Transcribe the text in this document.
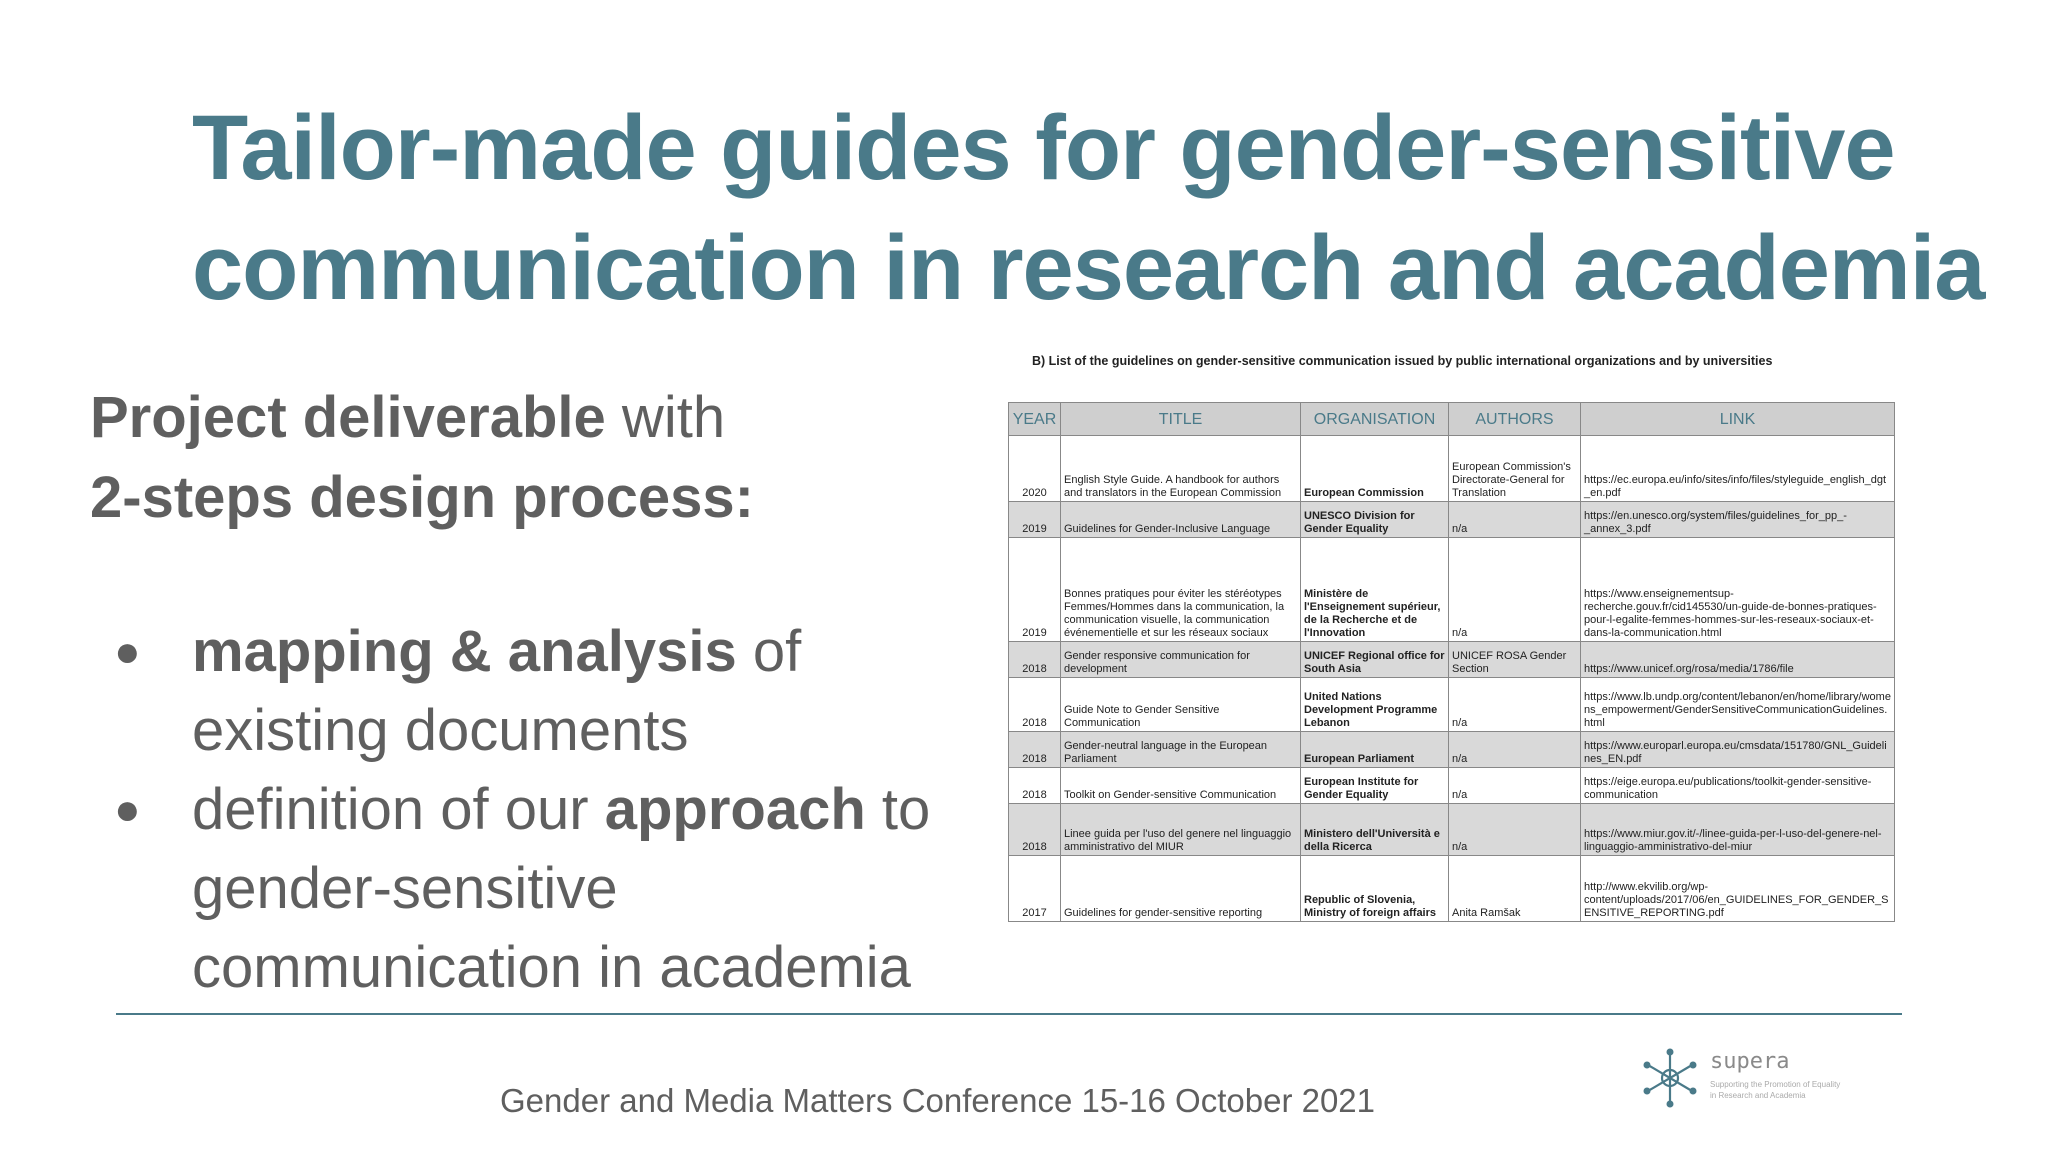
Tailor-made guides for gender-sensitive
communication in research and academia
Project deliverable with
2-steps design process:
● mapping & analysis of
existing documents
● definition of our approach to
gender-sensitive
communication in academia
B) List of the guidelines on gender-sensitive communication issued by public international organizations and by universities
YEAR	TITLE	ORGANISATION	AUTHORS	LINK
2020	English Style Guide. A handbook for authors and translators in the European Commission	European Commission	European Commission's Directorate-General for Translation	https://ec.europa.eu/info/sites/info/files/styleguide_english_dgt_en.pdf
2019	Guidelines for Gender-Inclusive Language	UNESCO Division for Gender Equality	n/a	https://en.unesco.org/system/files/guidelines_for_pp_-_annex_3.pdf
2019	Bonnes pratiques pour éviter les stéréotypes Femmes/Hommes dans la communication, la communication visuelle, la communication événementielle et sur les réseaux sociaux	Ministère de l'Enseignement supérieur, de la Recherche et de l'Innovation	n/a	https://www.enseignementsup-recherche.gouv.fr/cid145530/un-guide-de-bonnes-pratiques-pour-l-egalite-femmes-hommes-sur-les-reseaux-sociaux-et-dans-la-communication.html
2018	Gender responsive communication for development	UNICEF Regional office for South Asia	UNICEF ROSA Gender Section	https://www.unicef.org/rosa/media/1786/file
2018	Guide Note to Gender Sensitive Communication	United Nations Development Programme Lebanon	n/a	https://www.lb.undp.org/content/lebanon/en/home/library/womens_empowerment/GenderSensitiveCommunicationGuidelines.html
2018	Gender-neutral language in the European Parliament	European Parliament	n/a	https://www.europarl.europa.eu/cmsdata/151780/GNL_Guidelines_EN.pdf
2018	Toolkit on Gender-sensitive Communication	European Institute for Gender Equality	n/a	https://eige.europa.eu/publications/toolkit-gender-sensitive-communication
2018	Linee guida per l'uso del genere nel linguaggio amministrativo del MIUR	Ministero dell'Università e della Ricerca	n/a	https://www.miur.gov.it/-/linee-guida-per-l-uso-del-genere-nel-linguaggio-amministrativo-del-miur
2017	Guidelines for gender-sensitive reporting	Republic of Slovenia, Ministry of foreign affairs	Anita Ramšak	http://www.ekvilib.org/wp-content/uploads/2017/06/en_GUIDELINES_FOR_GENDER_SENSITIVE_REPORTING.pdf
Gender and Media Matters Conference 15-16 October 2021
supera
Supporting the Promotion of Equality
in Research and Academia
